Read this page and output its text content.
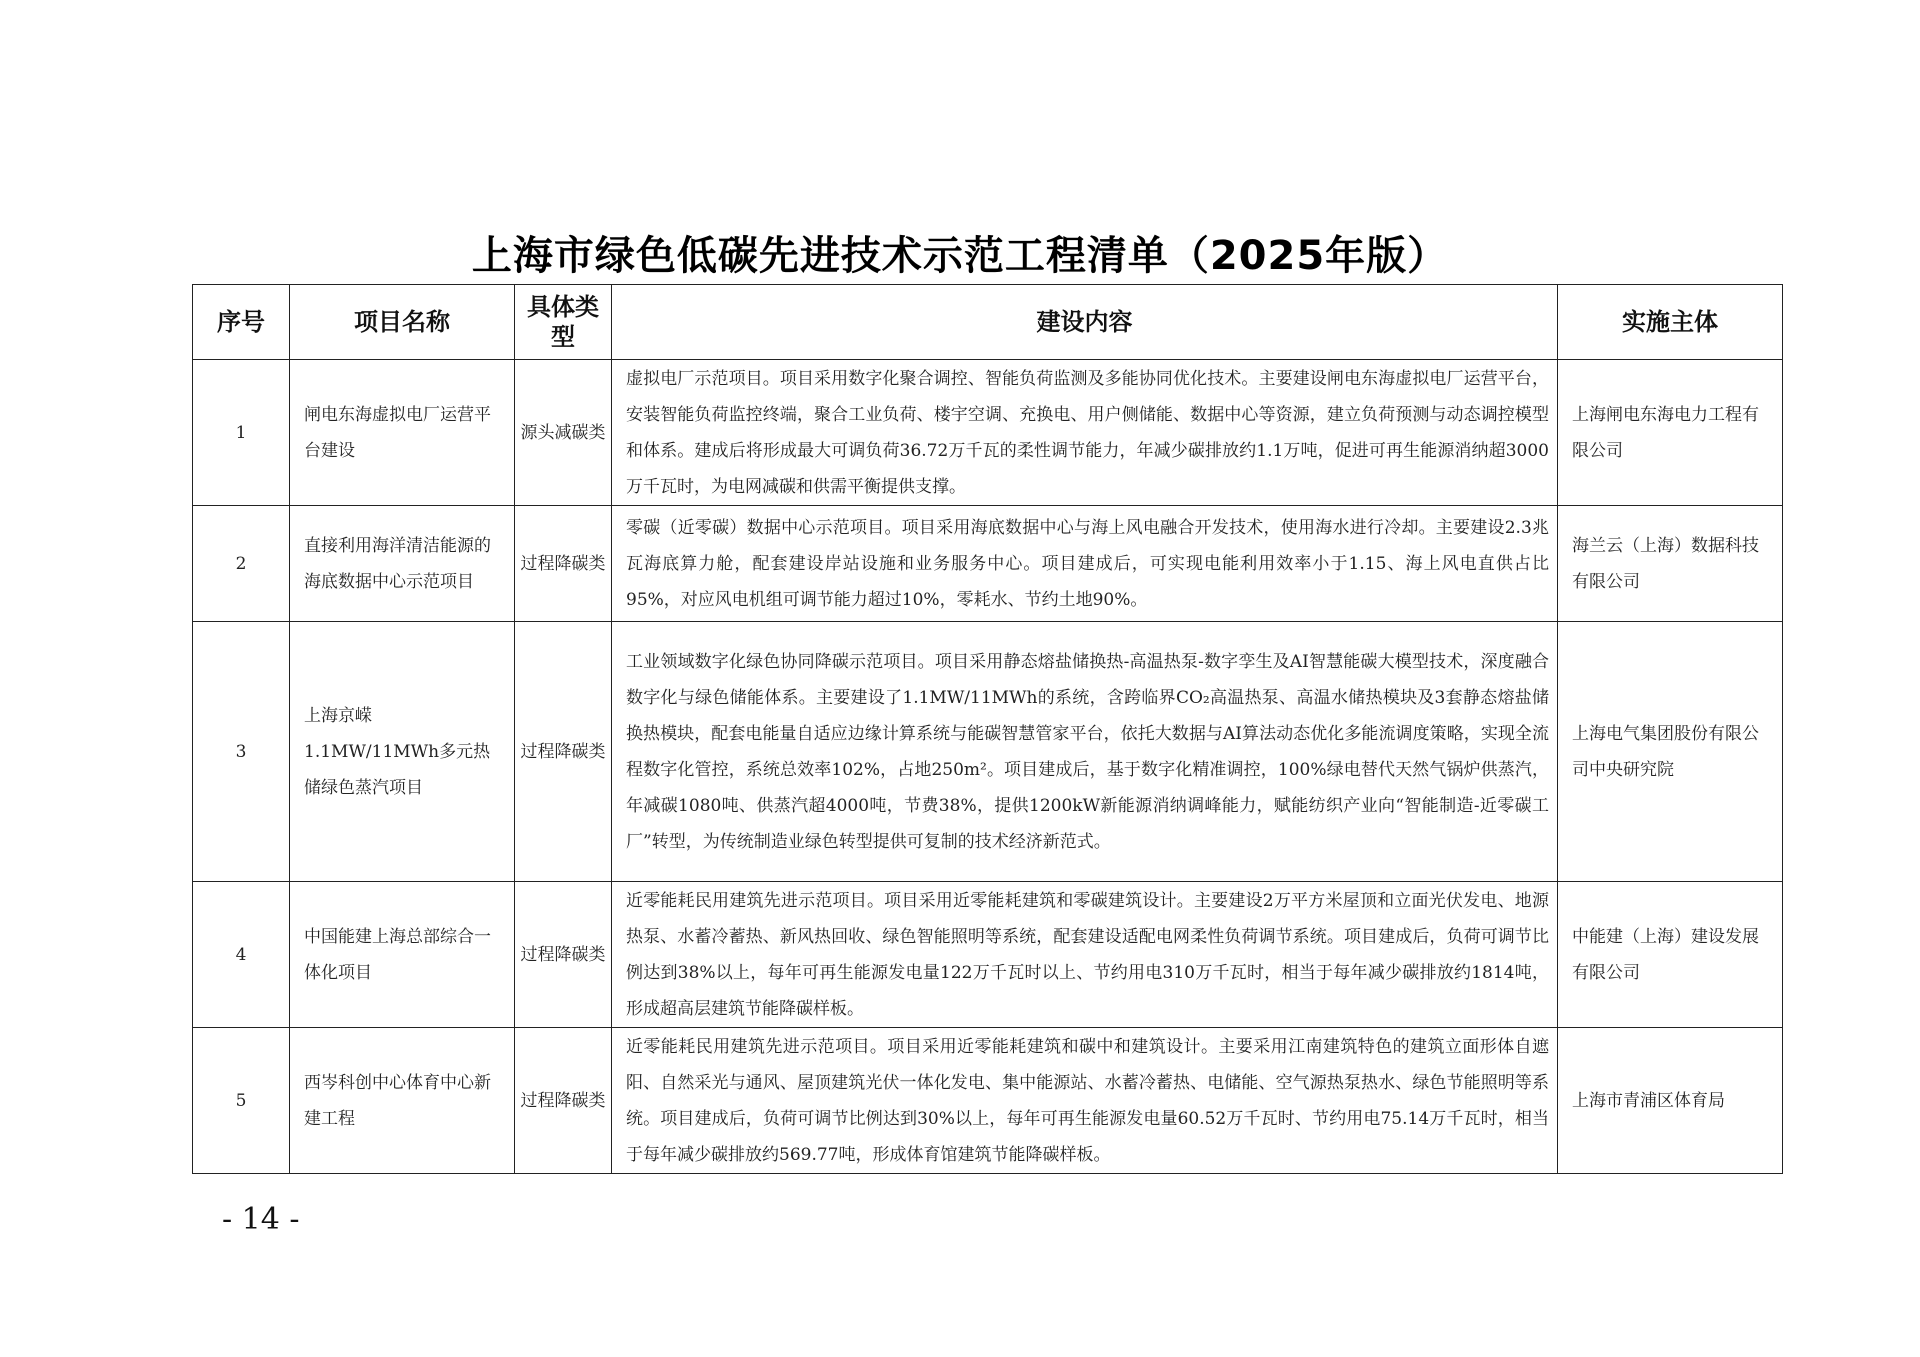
上海市绿色低碳先进技术示范工程清单（2025年版）
序号	项目名称	具体类型	建设内容	实施主体
1	闸电东海虚拟电厂运营平台建设	源头减碳类	虚拟电厂示范项目。项目采用数字化聚合调控、智能负荷监测及多能协同优化技术。主要建设闸电东海虚拟电厂运营平台，安装智能负荷监控终端，聚合工业负荷、楼宇空调、充换电、用户侧储能、数据中心等资源，建立负荷预测与动态调控模型和体系。建成后将形成最大可调负荷36.72万千瓦的柔性调节能力，年减少碳排放约1.1万吨，促进可再生能源消纳超3000万千瓦时，为电网减碳和供需平衡提供支撑。	上海闸电东海电力工程有限公司
2	直接利用海洋清洁能源的海底数据中心示范项目	过程降碳类	零碳（近零碳）数据中心示范项目。项目采用海底数据中心与海上风电融合开发技术，使用海水进行冷却。主要建设2.3兆瓦海底算力舱，配套建设岸站设施和业务服务中心。项目建成后，可实现电能利用效率小于1.15、海上风电直供占比95%，对应风电机组可调节能力超过10%，零耗水、节约土地90%。	海兰云（上海）数据科技有限公司
3	上海京嵘1.1MW/11MWh多元热储绿色蒸汽项目	过程降碳类	工业领域数字化绿色协同降碳示范项目。项目采用静态熔盐储换热-高温热泵-数字孪生及AI智慧能碳大模型技术，深度融合数字化与绿色储能体系。主要建设了1.1MW/11MWh的系统，含跨临界CO₂高温热泵、高温水储热模块及3套静态熔盐储换热模块，配套电能量自适应边缘计算系统与能碳智慧管家平台，依托大数据与AI算法动态优化多能流调度策略，实现全流程数字化管控，系统总效率102%，占地250m²。项目建成后，基于数字化精准调控，100%绿电替代天然气锅炉供蒸汽，年减碳1080吨、供蒸汽超4000吨，节费38%，提供1200kW新能源消纳调峰能力，赋能纺织产业向“智能制造-近零碳工厂”转型，为传统制造业绿色转型提供可复制的技术经济新范式。	上海电气集团股份有限公司中央研究院
4	中国能建上海总部综合一体化项目	过程降碳类	近零能耗民用建筑先进示范项目。项目采用近零能耗建筑和零碳建筑设计。主要建设2万平方米屋顶和立面光伏发电、地源热泵、水蓄冷蓄热、新风热回收、绿色智能照明等系统，配套建设适配电网柔性负荷调节系统。项目建成后，负荷可调节比例达到38%以上，每年可再生能源发电量122万千瓦时以上、节约用电310万千瓦时，相当于每年减少碳排放约1814吨，形成超高层建筑节能降碳样板。	中能建（上海）建设发展有限公司
5	西岑科创中心体育中心新建工程	过程降碳类	近零能耗民用建筑先进示范项目。项目采用近零能耗建筑和碳中和建筑设计。主要采用江南建筑特色的建筑立面形体自遮阳、自然采光与通风、屋顶建筑光伏一体化发电、集中能源站、水蓄冷蓄热、电储能、空气源热泵热水、绿色节能照明等系统。项目建成后，负荷可调节比例达到30%以上，每年可再生能源发电量60.52万千瓦时、节约用电75.14万千瓦时，相当于每年减少碳排放约569.77吨，形成体育馆建筑节能降碳样板。	上海市青浦区体育局
- 14 -
